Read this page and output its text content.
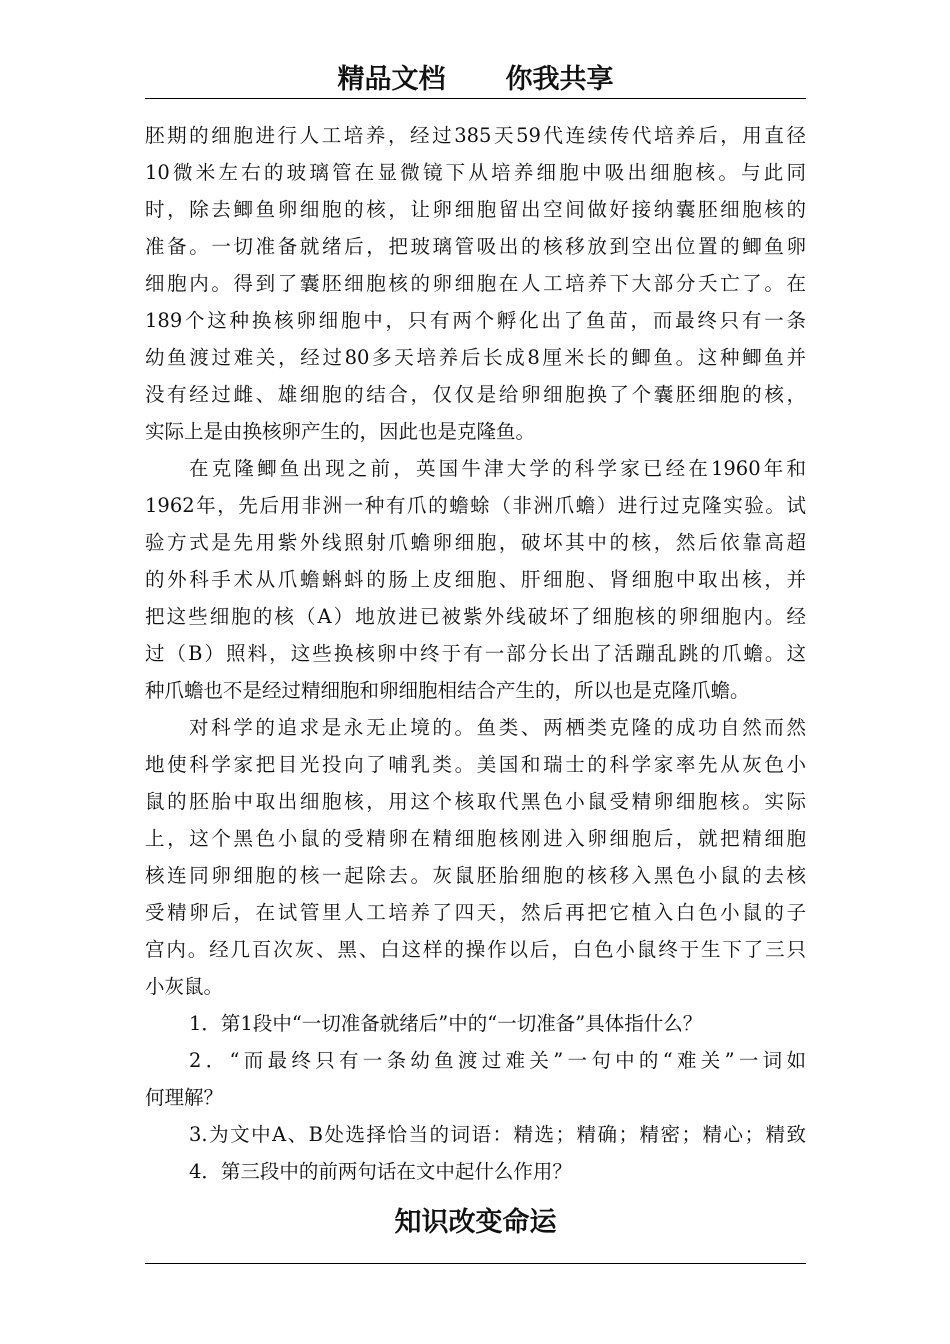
精品文档 你我共享
胚期的细胞进行人工培养，经过385天59代连续传代培养后，用直径
10微米左右的玻璃管在显微镜下从培养细胞中吸出细胞核。与此同
时，除去鲫鱼卵细胞的核，让卵细胞留出空间做好接纳囊胚细胞核的
准备。一切准备就绪后，把玻璃管吸出的核移放到空出位置的鲫鱼卵
细胞内。得到了囊胚细胞核的卵细胞在人工培养下大部分夭亡了。在
189个这种换核卵细胞中，只有两个孵化出了鱼苗，而最终只有一条
幼鱼渡过难关，经过80多天培养后长成8厘米长的鲫鱼。这种鲫鱼并
没有经过雌、雄细胞的结合，仅仅是给卵细胞换了个囊胚细胞的核，
实际上是由换核卵产生的，因此也是克隆鱼。
在克隆鲫鱼出现之前，英国牛津大学的科学家已经在1960年和
1962年，先后用非洲一种有爪的蟾蜍（非洲爪蟾）进行过克隆实验。试
验方式是先用紫外线照射爪蟾卵细胞，破坏其中的核，然后依靠高超
的外科手术从爪蟾蝌蚪的肠上皮细胞、肝细胞、肾细胞中取出核，并
把这些细胞的核（A）地放进已被紫外线破坏了细胞核的卵细胞内。经
过（B）照料，这些换核卵中终于有一部分长出了活蹦乱跳的爪蟾。这
种爪蟾也不是经过精细胞和卵细胞相结合产生的，所以也是克隆爪蟾。
对科学的追求是永无止境的。鱼类、两栖类克隆的成功自然而然
地使科学家把目光投向了哺乳类。美国和瑞士的科学家率先从灰色小
鼠的胚胎中取出细胞核，用这个核取代黑色小鼠受精卵细胞核。实际
上，这个黑色小鼠的受精卵在精细胞核刚进入卵细胞后，就把精细胞
核连同卵细胞的核一起除去。灰鼠胚胎细胞的核移入黑色小鼠的去核
受精卵后，在试管里人工培养了四天，然后再把它植入白色小鼠的子
宫内。经几百次灰、黑、白这样的操作以后，白色小鼠终于生下了三只
小灰鼠。
1．第1段中“一切准备就绪后”中的“一切准备”具体指什么？
2．“而最终只有一条幼鱼渡过难关”一句中的“难关”一词如
何理解？
3.为文中A、B处选择恰当的词语：精选；精确；精密；精心；精致
4．第三段中的前两句话在文中起什么作用？
知识改变命运
